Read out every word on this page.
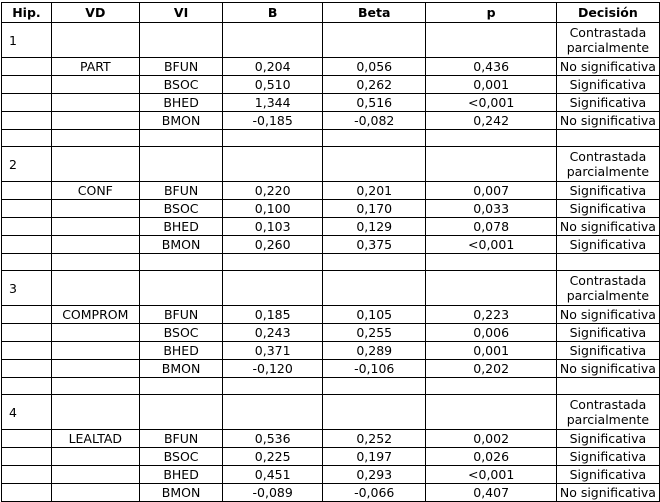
Hip.	VD	VI	B	Beta	p	Decisión
1						Contrastada
parcialmente
	PART	BFUN	0,204	0,056	0,436	No significativa
		BSOC	0,510	0,262	0,001	Significativa
		BHED	1,344	0,516	<0,001	Significativa
		BMON	-0,185	-0,082	0,242	No significativa

2						Contrastada
parcialmente
	CONF	BFUN	0,220	0,201	0,007	Significativa
		BSOC	0,100	0,170	0,033	Significativa
		BHED	0,103	0,129	0,078	No significativa
		BMON	0,260	0,375	<0,001	Significativa

3						Contrastada
parcialmente
	COMPROM	BFUN	0,185	0,105	0,223	No significativa
		BSOC	0,243	0,255	0,006	Significativa
		BHED	0,371	0,289	0,001	Significativa
		BMON	-0,120	-0,106	0,202	No significativa

4						Contrastada
parcialmente
	LEALTAD	BFUN	0,536	0,252	0,002	Significativa
		BSOC	0,225	0,197	0,026	Significativa
		BHED	0,451	0,293	<0,001	Significativa
		BMON	-0,089	-0,066	0,407	No significativa
